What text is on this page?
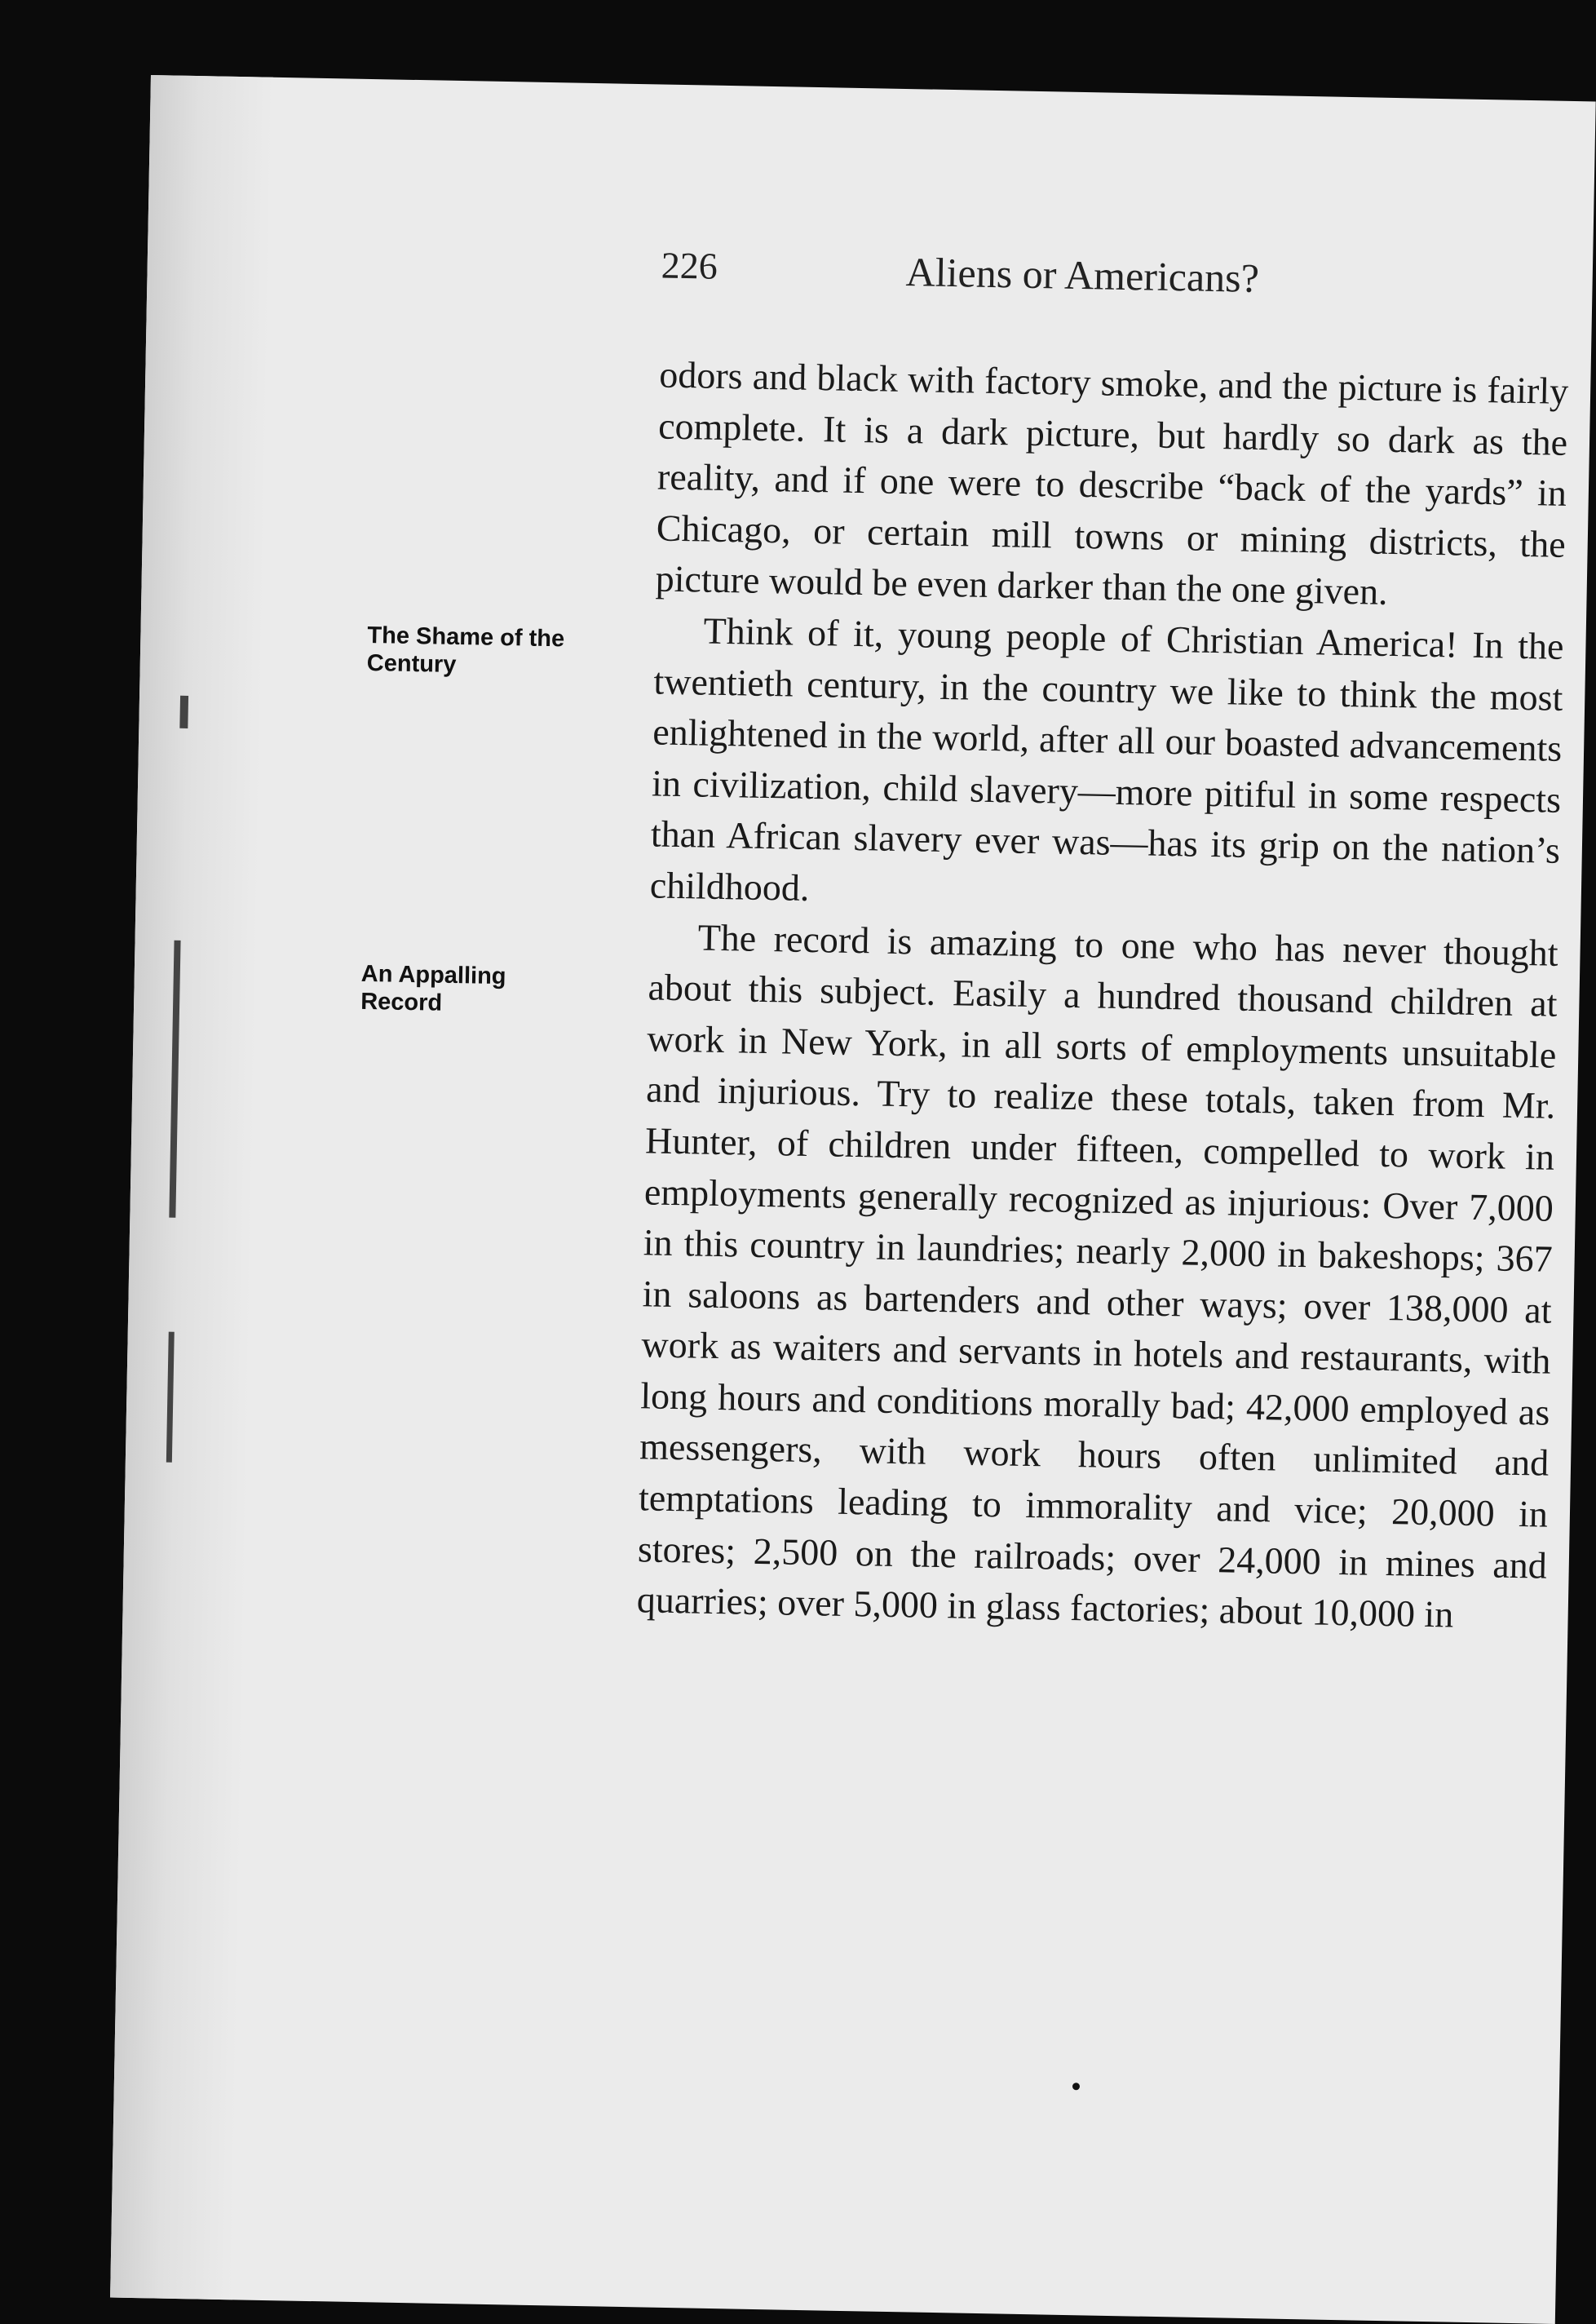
226	Aliens or Americans?
The Shame of the Century
An Appalling Record

odors and black with factory smoke, and the picture is fairly complete. It is a dark picture, but hardly so dark as the reality, and if one were to describe “back of the yards” in Chicago, or certain mill towns or mining districts, the picture would be even darker than the one given.

Think of it, young people of Christian America! In the twentieth century, in the country we like to think the most enlightened in the world, after all our boasted advancements in civilization, child slavery—more pitiful in some respects than African slavery ever was—has its grip on the nation’s childhood.

The record is amazing to one who has never thought about this subject. Easily a hundred thousand children at work in New York, in all sorts of employments unsuitable and injurious. Try to realize these totals, taken from Mr. Hunter, of children under fifteen, compelled to work in employments generally recognized as injurious: Over 7,000 in this country in laundries; nearly 2,000 in bakeshops; 367 in saloons as bartenders and other ways; over 138,000 at work as waiters and servants in hotels and restaurants, with long hours and conditions morally bad; 42,000 employed as messengers, with work hours often unlimited and temptations leading to immorality and vice; 20,000 in stores; 2,500 on the railroads; over 24,000 in mines and quarries; over 5,000 in glass factories; about 10,000 in
